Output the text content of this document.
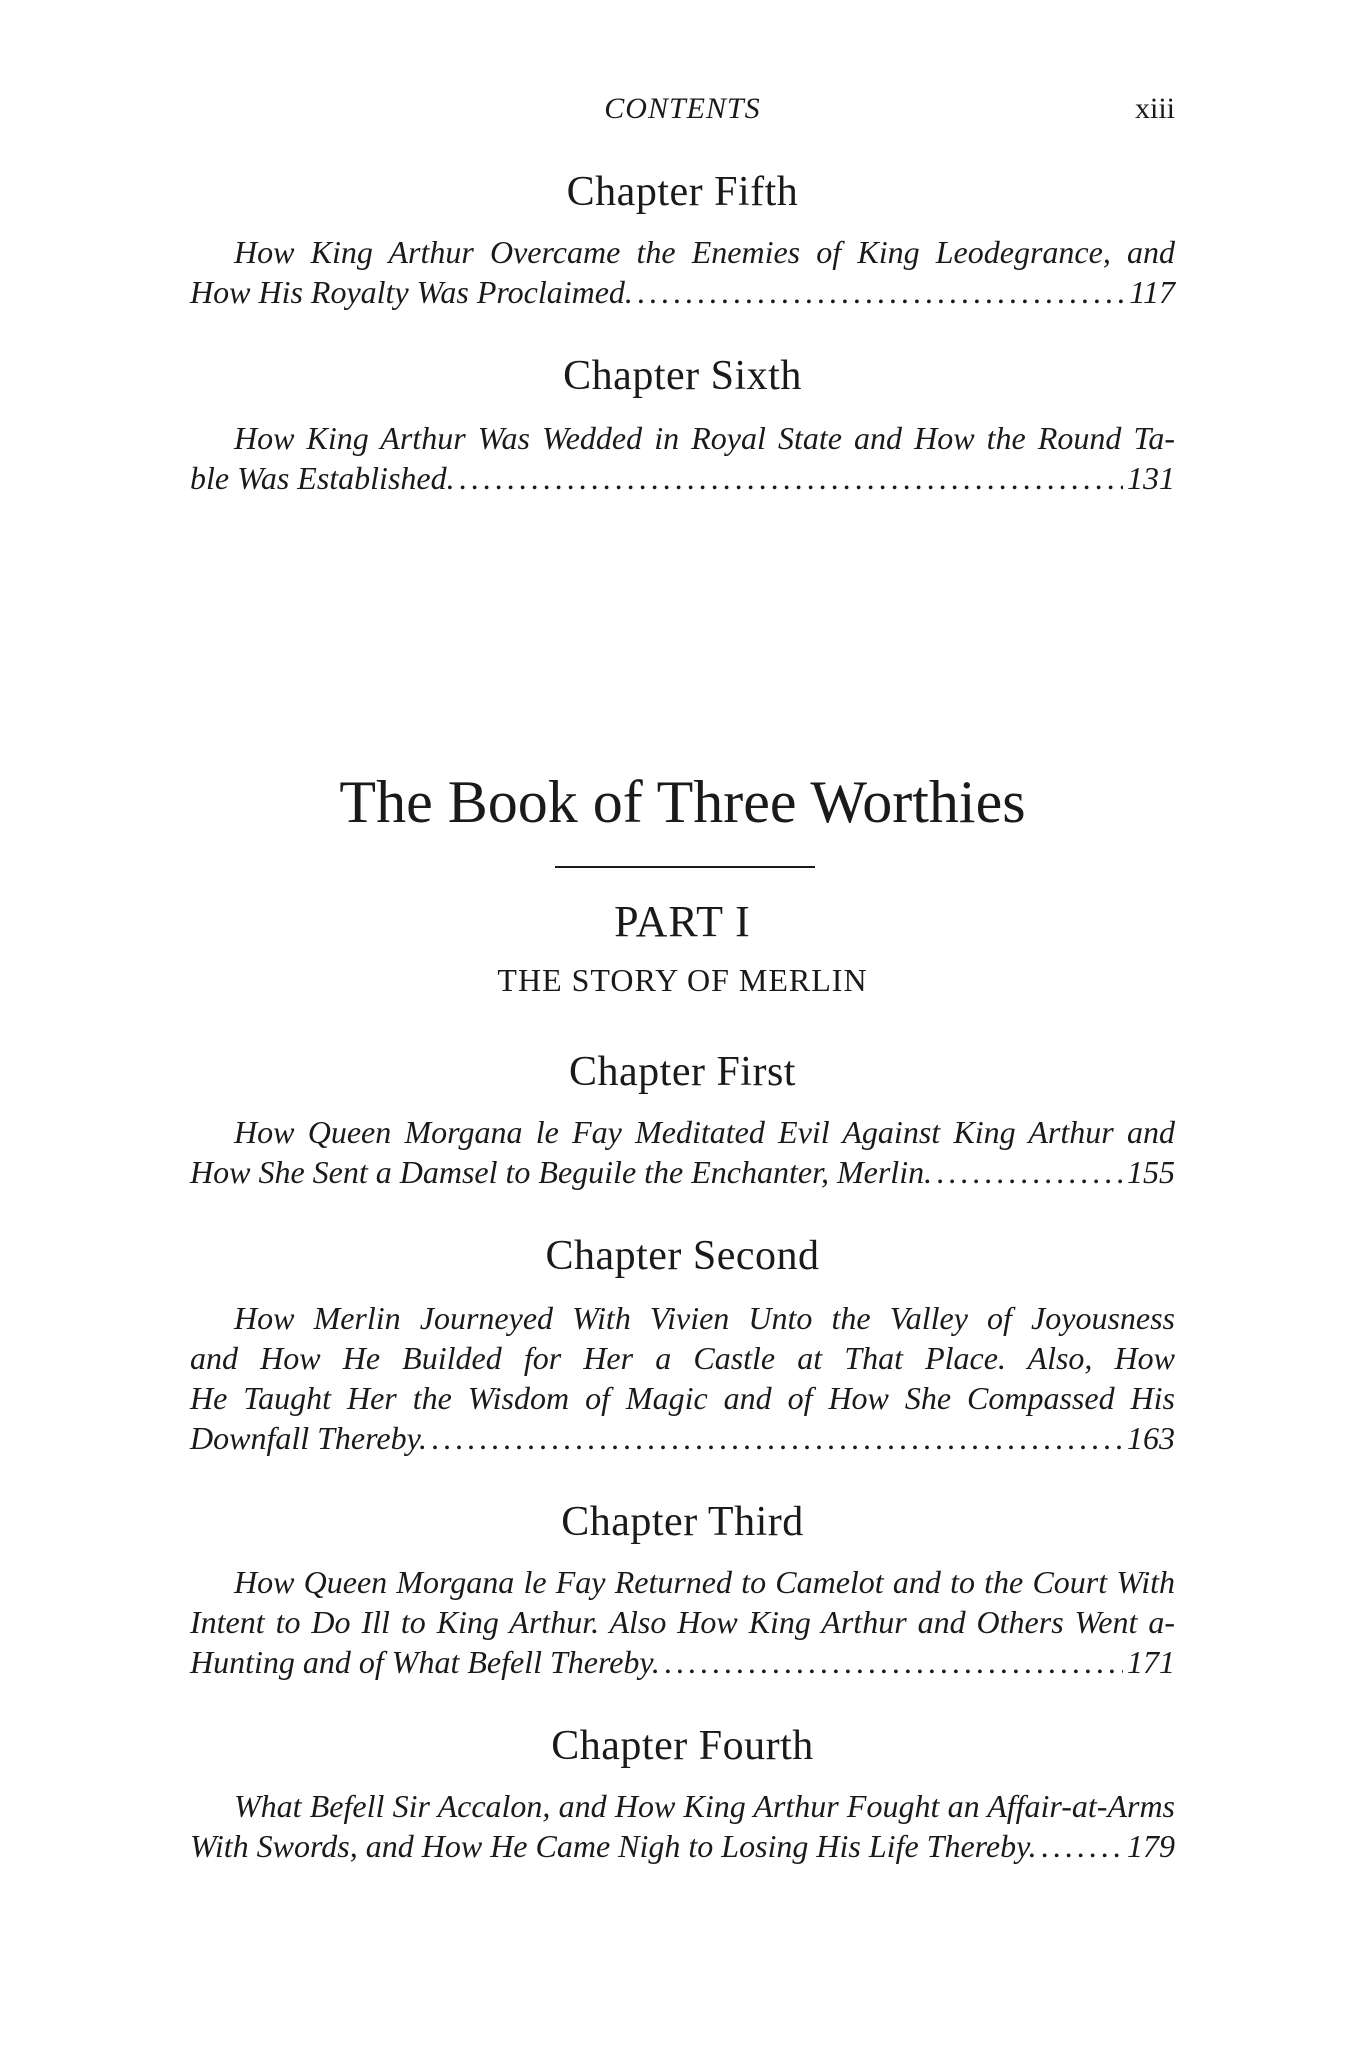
CONTENTS	xiii
Chapter Fifth
How King Arthur Overcame the Enemies of King Leodegrance, and
How His Royalty Was Proclaimed. . . .	117
Chapter Sixth
How King Arthur Was Wedded in Royal State and How the Round Ta-
ble Was Established. . . .	131
The Book of Three Worthies
PART I
THE STORY OF MERLIN
Chapter First
How Queen Morgana le Fay Meditated Evil Against King Arthur and
How She Sent a Damsel to Beguile the Enchanter, Merlin. . . .	155
Chapter Second
How Merlin Journeyed With Vivien Unto the Valley of Joyousness
and How He Builded for Her a Castle at That Place. Also, How
He Taught Her the Wisdom of Magic and of How She Compassed His
Downfall Thereby. . . .	163
Chapter Third
How Queen Morgana le Fay Returned to Camelot and to the Court With
Intent to Do Ill to King Arthur. Also How King Arthur and Others Went a-
Hunting and of What Befell Thereby. . . .	171
Chapter Fourth
What Befell Sir Accalon, and How King Arthur Fought an Affair-at-Arms
With Swords, and How He Came Nigh to Losing His Life Thereby. . . .	179
